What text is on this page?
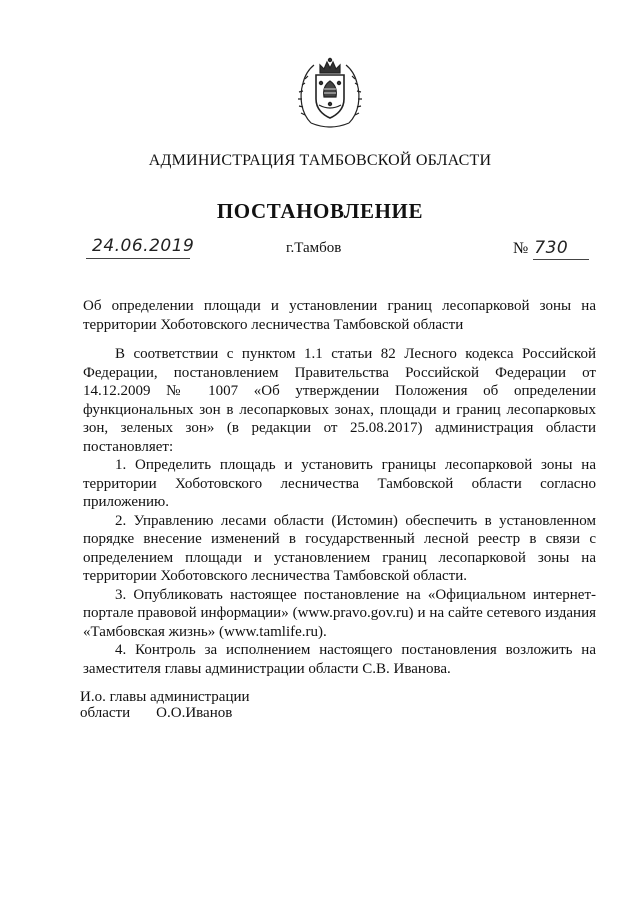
АДМИНИСТРАЦИЯ ТАМБОВСКОЙ ОБЛАСТИ
ПОСТАНОВЛЕНИЕ
24.06.2019	г.Тамбов	№ 730
Об определении площади и установлении границ лесопарковой зоны на территории Хоботовского лесничества Тамбовской области

В соответствии с пунктом 1.1 статьи 82 Лесного кодекса Российской Федерации, постановлением Правительства Российской Федерации от 14.12.2009 № 1007 «Об утверждении Положения об определении функциональных зон в лесопарковых зонах, площади и границ лесопарковых зон, зеленых зон» (в редакции от 25.08.2017) администрация области постановляет:

1. Определить площадь и установить границы лесопарковой зоны на территории Хоботовского лесничества Тамбовской области согласно приложению.

2. Управлению лесами области (Истомин) обеспечить в установленном порядке внесение изменений в государственный лесной реестр в связи с определением площади и установлением границ лесопарковой зоны на территории Хоботовского лесничества Тамбовской области.

3. Опубликовать настоящее постановление на «Официальном интернет-портале правовой информации» (www.pravo.gov.ru) и на сайте сетевого издания «Тамбовская жизнь» (www.tamlife.ru).

4. Контроль за исполнением настоящего постановления возложить на заместителя главы администрации области С.В. Иванова.

И.о. главы администрации
области О.О.Иванов
